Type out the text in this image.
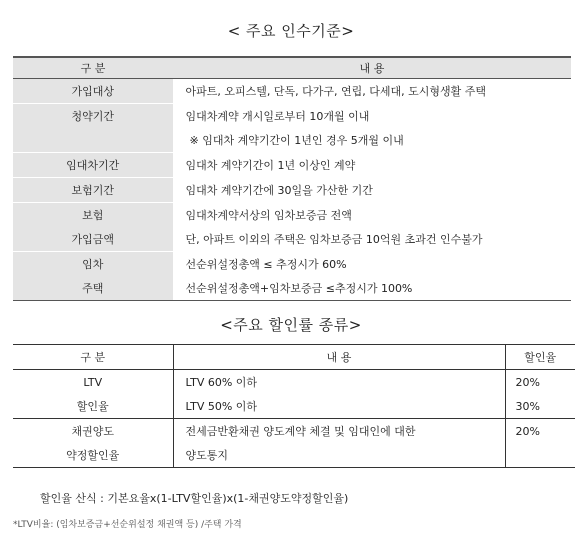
< 주요 인수기준>
구 분	내 용
가입대상	아파트, 오피스텔, 단독, 다가구, 연립, 다세대, 도시형생활 주택
청약기간	임대차계약 개시일로부터 10개월 이내
	※ 임대차 계약기간이 1년인 경우 5개월 이내
임대차기간	임대차 계약기간이 1년 이상인 계약
보험기간	임대차 계약기간에 30일을 가산한 기간
보험	임대차계약서상의 임차보증금 전액
가입금액	단, 아파트 이외의 주택은 임차보증금 10억원 초과건 인수불가
임차	선순위설정총액 ≤ 추정시가 60%
주택	선순위설정총액+임차보증금 ≤추정시가 100%
<주요 할인률 종류>
구 분	내 용	할인율
LTV	LTV 60% 이하	20%
할인율	LTV 50% 이하	30%
채권양도	전세금반환채권 양도계약 체결 및 임대인에 대한	20%
약정할인율	양도통지	
할인율 산식 : 기본요율x(1-LTV할인율)x(1-채권양도약정할인율)
*LTV비율: (임차보증금+선순위설정 채권액 등) /주택 가격
